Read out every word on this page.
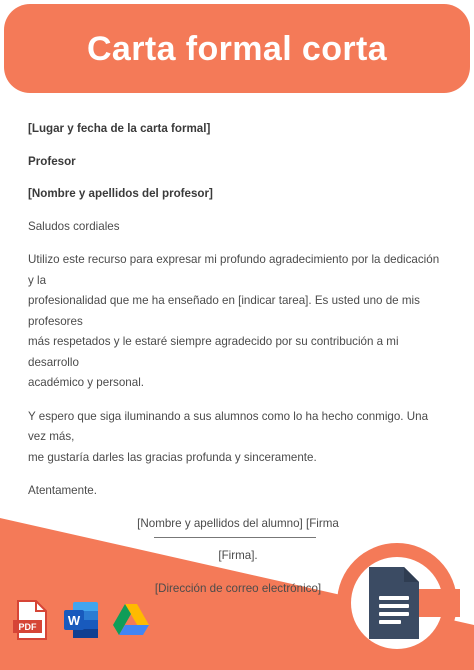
Carta formal corta

[Lugar y fecha de la carta formal]

Profesor

[Nombre y apellidos del profesor]

Saludos cordiales

Utilizo este recurso para expresar mi profundo agradecimiento por la dedicación y la

profesionalidad que me ha enseñado en [indicar tarea]. Es usted uno de mis profesores

más respetados y le estaré siempre agradecido por su contribución a mi desarrollo

académico y personal.

Y espero que siga iluminando a sus alumnos como lo ha hecho conmigo. Una vez más,

me gustaría darles las gracias profunda y sinceramente.

Atentamente.

[Nombre y apellidos del alumno] [Firma

[Firma].

[Dirección de correo electrónico]

PDF W
